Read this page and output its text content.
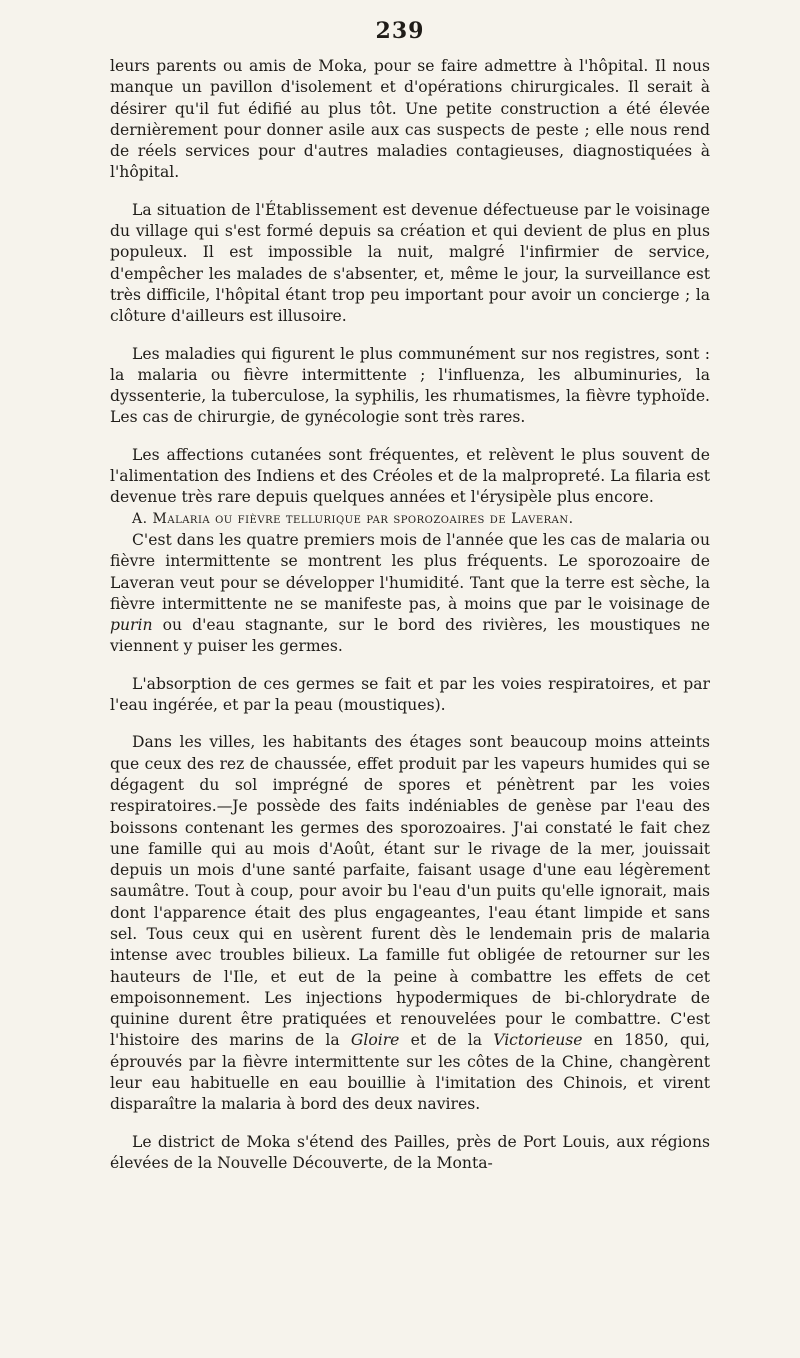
239

leurs parents ou amis de Moka, pour se faire admettre à l'hôpital. Il nous manque un pavillon d'isolement et d'opérations chirurgicales. Il serait à désirer qu'il fut édifié au plus tôt. Une petite construction a été élevée dernièrement pour donner asile aux cas suspects de peste ; elle nous rend de réels services pour d'autres maladies contagieuses, diagnostiquées à l'hôpital.

La situation de l'Établissement est devenue défectueuse par le voisinage du village qui s'est formé depuis sa création et qui devient de plus en plus populeux. Il est impossible la nuit, malgré l'infirmier de service, d'empêcher les malades de s'absenter, et, même le jour, la surveillance est très difficile, l'hôpital étant trop peu important pour avoir un concierge ; la clôture d'ailleurs est illusoire.

Les maladies qui figurent le plus communément sur nos registres, sont : la malaria ou fièvre intermittente ; l'influenza, les albuminuries, la dyssenterie, la tuberculose, la syphilis, les rhumatismes, la fièvre typhoïde. Les cas de chirurgie, de gynécologie sont très rares.

Les affections cutanées sont fréquentes, et relèvent le plus souvent de l'alimentation des Indiens et des Créoles et de la malpropreté. La filaria est devenue très rare depuis quelques années et l'érysipèle plus encore.

A. Malaria ou fièvre tellurique par sporozoaires de Laveran.

C'est dans les quatre premiers mois de l'année que les cas de malaria ou fièvre intermittente se montrent les plus fréquents. Le sporozoaire de Laveran veut pour se développer l'humidité. Tant que la terre est sèche, la fièvre intermittente ne se manifeste pas, à moins que par le voisinage de purin ou d'eau stagnante, sur le bord des rivières, les moustiques ne viennent y puiser les germes.

L'absorption de ces germes se fait et par les voies respiratoires, et par l'eau ingérée, et par la peau (moustiques).

Dans les villes, les habitants des étages sont beaucoup moins atteints que ceux des rez de chaussée, effet produit par les vapeurs humides qui se dégagent du sol imprégné de spores et pénètrent par les voies respiratoires.—Je possède des faits indéniables de genèse par l'eau des boissons contenant les germes des sporozoaires. J'ai constaté le fait chez une famille qui au mois d'Août, étant sur le rivage de la mer, jouissait depuis un mois d'une santé parfaite, faisant usage d'une eau légèrement saumâtre. Tout à coup, pour avoir bu l'eau d'un puits qu'elle ignorait, mais dont l'apparence était des plus engageantes, l'eau étant limpide et sans sel. Tous ceux qui en usèrent furent dès le lendemain pris de malaria intense avec troubles bilieux. La famille fut obligée de retourner sur les hauteurs de l'Ile, et eut de la peine à combattre les effets de cet empoisonnement. Les injections hypodermiques de bi-chlorydrate de quinine durent être pratiquées et renouvelées pour le combattre. C'est l'histoire des marins de la Gloire et de la Victorieuse en 1850, qui, éprouvés par la fièvre intermittente sur les côtes de la Chine, changèrent leur eau habituelle en eau bouillie à l'imitation des Chinois, et virent disparaître la malaria à bord des deux navires.

Le district de Moka s'étend des Pailles, près de Port Louis, aux régions élevées de la Nouvelle Découverte, de la Monta-
